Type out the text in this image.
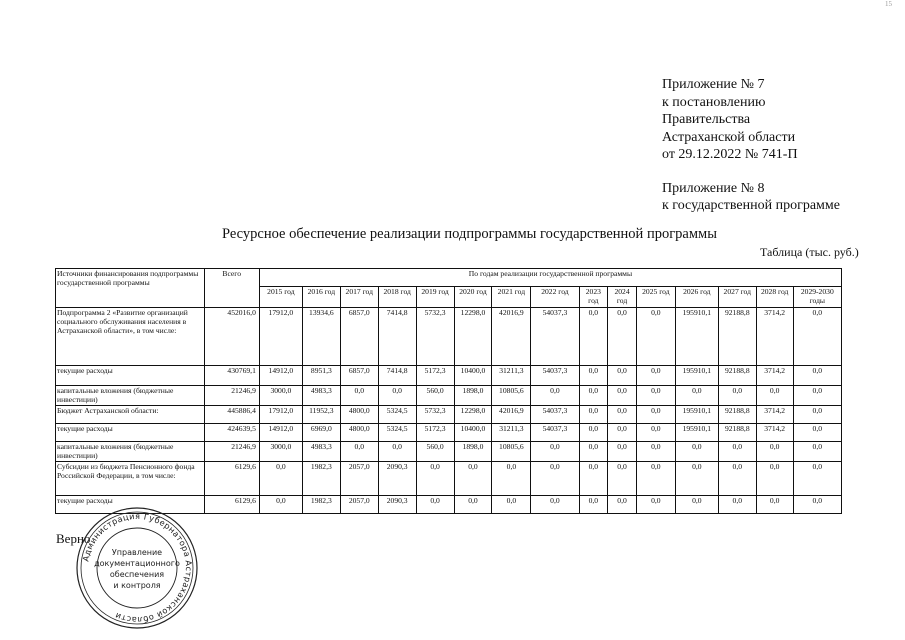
15
Приложение № 7
к постановлению
Правительства
Астраханской области
от 29.12.2022 № 741-П
Приложение № 8
к государственной программе
Ресурсное обеспечение реализации подпрограммы государственной программы
Таблица (тыс. руб.)
Источники финансирования подпрограммы государственной программы	Всего	По годам реализации государственной программы														
		2015 год	2016 год	2017 год	2018 год	2019 год	2020 год	2021 год	2022 год	2023 год	2024 год	2025 год	2026 год	2027 год	2028 год	2029-2030 годы
Подпрограмма 2 «Развитие организаций социального обслуживания населения в Астраханской области», в том числе:	452016,0	17912,0	13934,6	6857,0	7414,8	5732,3	12298,0	42016,9	54037,3	0,0	0,0	0,0	195910,1	92188,8	3714,2	0,0
текущие расходы	430769,1	14912,0	8951,3	6857,0	7414,8	5172,3	10400,0	31211,3	54037,3	0,0	0,0	0,0	195910,1	92188,8	3714,2	0,0
капитальные вложения (бюджетные инвестиции)	21246,9	3000,0	4983,3	0,0	0,0	560,0	1898,0	10805,6	0,0	0,0	0,0	0,0	0,0	0,0	0,0	0,0
Бюджет Астраханской области:	445886,4	17912,0	11952,3	4800,0	5324,5	5732,3	12298,0	42016,9	54037,3	0,0	0,0	0,0	195910,1	92188,8	3714,2	0,0
текущие расходы	424639,5	14912,0	6969,0	4800,0	5324,5	5172,3	10400,0	31211,3	54037,3	0,0	0,0	0,0	195910,1	92188,8	3714,2	0,0
капитальные вложения (бюджетные инвестиции)	21246,9	3000,0	4983,3	0,0	0,0	560,0	1898,0	10805,6	0,0	0,0	0,0	0,0	0,0	0,0	0,0	0,0
Субсидии из бюджета Пенсионного фонда Российской Федерации, в том числе:	6129,6	0,0	1982,3	2057,0	2090,3	0,0	0,0	0,0	0,0	0,0	0,0	0,0	0,0	0,0	0,0	0,0
текущие расходы	6129,6	0,0	1982,3	2057,0	2090,3	0,0	0,0	0,0	0,0	0,0	0,0	0,0	0,0	0,0	0,0	0,0
Верно
Администрация Губернатора Астраханской области
Управление
документационного
обеспечения
и контроля
